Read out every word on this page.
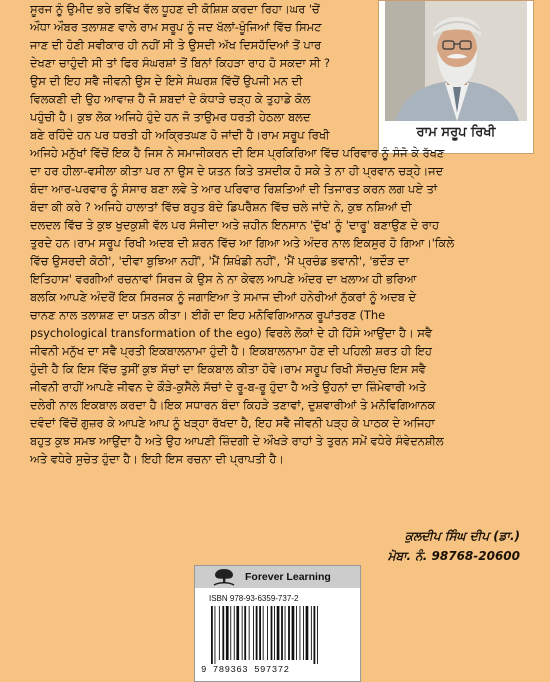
ਰਾਮ ਸਰੂਪ ਰਿਖੀ
ਸੂਰਜ ਨੂੰ ਉਮੀਦ ਭਰੇ ਭਵਿੱਖ ਵੱਲ ਧੂਹਣ ਦੀ ਕੋਸ਼ਿਸ਼ ਕਰਦਾ ਰਿਹਾ।ਘਰ 'ਚੋਂ
ਔਧਾ ਔਬਰ ਤਲਾਸ਼ਣ ਵਾਲੇ ਰਾਮ ਸਰੂਪ ਨੂੰ ਜਦ ਖੱਲਾਂ-ਖੂੰਜਿਆਂ ਵਿੱਚ ਸਿਮਟ
ਜਾਣ ਦੀ ਹੋਣੀ ਸਵੀਕਾਰ ਹੀ ਨਹੀਂ ਸੀ ਤੇ ਉਸਦੀ ਅੱਖ ਦਿਸਹੱਦਿਆਂ ਤੋਂ ਪਾਰ
ਦੇਖਣਾ ਚਾਹੁੰਦੀ ਸੀ ਤਾਂ ਫਿਰ ਸੰਘਰਸ਼ਾਂ ਤੋਂ ਬਿਨਾਂ ਕਿਹੜਾ ਰਾਹ ਹੋ ਸਕਦਾ ਸੀ ?
ਉਸ ਦੀ ਇਹ ਸਵੈ ਜੀਵਨੀ ਉਸ ਦੇ ਇਸੇ ਸੰਘਰਸ਼ ਵਿੱਚੋਂ ਉਪਜੀ ਮਨ ਦੀ
ਵਿਲਕਣੀ ਦੀ ਉਹ ਆਵਾਜ਼ ਹੈ ਜੋ ਸ਼ਬਦਾਂ ਦੇ ਕੰਧਾੜੇ ਚੜ੍ਹ ਕੇ ਤੁਹਾਡੇ ਕੋਲ
ਪਹੁੰਚੀ ਹੈ। ਕੁਝ ਲੋਕ ਅਜਿਹੇ ਹੁੰਦੇ ਹਨ ਜੋ ਤਾਉਮਰ ਧਰਤੀ ਹੇਠਲਾ ਬਲਦ
ਬਣੇ ਰਹਿੰਦੇ ਹਨ ਪਰ ਧਰਤੀ ਹੀ ਅਕ੍ਰਿਤਘਣ ਹੋ ਜਾਂਦੀ ਹੈ।ਰਾਮ ਸਰੂਪ ਰਿਖੀ
ਅਜਿਹੇ ਮਨੁੱਖਾਂ ਵਿੱਚੋਂ ਇਕ ਹੈ ਜਿਸ ਨੇ ਸਮਾਜੀਕਰਨ ਦੀ ਇਸ ਪ੍ਰਕਿਰਿਆ ਵਿੱਚ ਪਰਿਵਾਰ ਨੂੰ ਸੰਜੋ ਕੇ ਰੱਖਣ
ਦਾ ਹਰ ਹੀਲਾ-ਵਸੀਲਾ ਕੀਤਾ ਪਰ ਨਾ ਉਸ ਦੇ ਯਤਨ ਕਿਤੇ ਤਸਦੀਕ ਹੋ ਸਕੇ ਤੇ ਨਾ ਹੀ ਪ੍ਰਵਾਨ ਚੜ੍ਹੇ।ਜਦ
ਬੰਦਾ ਆਰ-ਪਰਵਾਰ ਨੂੰ ਸੰਸਾਰ ਬਣਾ ਲਵੇ ਤੇ ਆਰ ਪਰਿਵਾਰ ਰਿਸ਼ਤਿਆਂ ਦੀ ਤਿਜਾਰਤ ਕਰਨ ਲਗ ਪਏ ਤਾਂ
ਬੰਦਾ ਕੀ ਕਰੇ ? ਅਜਿਹੇ ਹਾਲਾਤਾਂ ਵਿੱਚ ਬਹੁਤ ਬੰਦੇ ਡਿਪਰੈਸ਼ਨ ਵਿੱਚ ਚਲੇ ਜਾਂਦੇ ਨੇ, ਕੁਝ ਨਸ਼ਿਆਂ ਦੀ
ਦਲਦਲ ਵਿੱਚ ਤੇ ਕੁਝ ਖੁਦਕੁਸ਼ੀ ਵੱਲ ਪਰ ਸੰਜੀਦਾ ਅਤੇ ਜ਼ਹੀਨ ਇਨਸਾਨ 'ਦੁੱਖ' ਨੂੰ 'ਦਾਰੂ' ਬਣਾਉਣ ਦੇ ਰਾਹ
ਤੁਰਦੇ ਹਨ।ਰਾਮ ਸਰੂਪ ਰਿਖੀ ਅਦਬ ਦੀ ਸ਼ਰਨ ਵਿੱਚ ਆ ਗਿਆ ਅਤੇ ਅੰਦਰ ਨਾਲ ਇਕਸੁਰ ਹੋ ਗਿਆ।'ਕਿਲੇ
ਵਿੱਚ ਉਸਰਦੀ ਕੋਠੀ', 'ਦੀਵਾ ਬੁਝਿਆ ਨਹੀਂ', 'ਮੈਂ ਸ਼ਿਖੰਡੀ ਨਹੀਂ', 'ਮੈਂ ਪ੍ਰਚੰਡ ਭਵਾਨੀ', 'ਭਦੌੜ ਦਾ
ਇਤਿਹਾਸ' ਵਰਗੀਆਂ ਰਚਨਾਵਾਂ ਸਿਰਜ ਕੇ ਉਸ ਨੇ ਨਾ ਕੇਵਲ ਆਪਣੇ ਅੰਦਰ ਦਾ ਖਲਾਅ ਹੀ ਭਰਿਆ
ਬਲਕਿ ਆਪਣੇ ਅੰਦਰੋਂ ਇਕ ਸਿਰਜਕ ਨੂੰ ਜਗਾਇਆ ਤੇ ਸਮਾਜ ਦੀਆਂ ਹਨੇਰੀਆਂ ਨੁੱਕਰਾਂ ਨੂੰ ਅਦਬ ਦੇ
ਚਾਨਣ ਨਾਲ ਤਲਾਸ਼ਣ ਦਾ ਯਤਨ ਕੀਤਾ। ਈਗੋ ਦਾ ਇਹ ਮਨੋਵਿਗਿਆਨਕ ਰੂਪਾਂਤਰਣ (The
psychological transformation of the ego) ਵਿਰਲੇ ਲੋਕਾਂ ਦੇ ਹੀ ਹਿੱਸੇ ਆਉਂਦਾ ਹੈ। ਸਵੈ
ਜੀਵਨੀ ਮਨੁੱਖ ਦਾ ਸਵੈ ਪ੍ਰਤੀ ਇਕਬਾਲਨਾਮਾ ਹੁੰਦੀ ਹੈ। ਇਕਬਾਲਨਾਮਾ ਹੋਣ ਦੀ ਪਹਿਲੀ ਸ਼ਰਤ ਹੀ ਇਹ
ਹੁੰਦੀ ਹੈ ਕਿ ਇਸ ਵਿੱਚ ਤੁਸੀਂ ਕੁਝ ਸੱਚਾਂ ਦਾ ਇਕਬਾਲ ਕੀਤਾ ਹੋਵੇ।ਰਾਮ ਸਰੂਪ ਰਿਖੀ ਸੱਚਮੁਚ ਇਸ ਸਵੈ
ਜੀਵਨੀ ਰਾਹੀਂ ਆਪਣੇ ਜੀਵਨ ਦੇ ਕੌੜੇ-ਕੁਸੈਲੇ ਸੱਚਾਂ ਦੇ ਰੂ-ਬ-ਰੂ ਹੁੰਦਾ ਹੈ ਅਤੇ ਉਹਨਾਂ ਦਾ ਜ਼ਿੰਮੇਵਾਰੀ ਅਤੇ
ਦਲੇਰੀ ਨਾਲ ਇਕਬਾਲ ਕਰਦਾ ਹੈ।ਇਕ ਸਧਾਰਨ ਬੰਦਾ ਕਿਹੜੇ ਤਣਾਵਾਂ, ਦੁਸ਼ਵਾਰੀਆਂ ਤੇ ਮਨੋਵਿਗਿਆਨਕ
ਦਵੰਦਾਂ ਵਿੱਚੋਂ ਗੁਜ਼ਰ ਕੇ ਆਪਣੇ ਆਪ ਨੂੰ ਖੜ੍ਹਾ ਰੱਖਦਾ ਹੈ, ਇਹ ਸਵੈ ਜੀਵਨੀ ਪੜ੍ਹ ਕੇ ਪਾਠਕ ਦੇ ਅਜਿਹਾ
ਬਹੁਤ ਕੁਝ ਸਮਝ ਆਉਂਦਾ ਹੈ ਅਤੇ ਉਹ ਆਪਣੀ ਜ਼ਿੰਦਗੀ ਦੇ ਔਖੜੇ ਰਾਹਾਂ ਤੇ ਤੁਰਨ ਸਮੇਂ ਵਧੇਰੇ ਸੰਵੇਦਨਸ਼ੀਲ
ਅਤੇ ਵਧੇਰੇ ਸੁਚੇਤ ਹੁੰਦਾ ਹੈ। ਇਹੀ ਇਸ ਰਚਨਾ ਦੀ ਪ੍ਰਾਪਤੀ ਹੈ।
ਕੁਲਦੀਪ ਸਿੰਘ ਦੀਪ (ਡਾ.)
ਮੋਬਾ. ਨੰ. 98768-20600
Forever Learning
ISBN 978-93-6359-737-2
9 789363 597372
